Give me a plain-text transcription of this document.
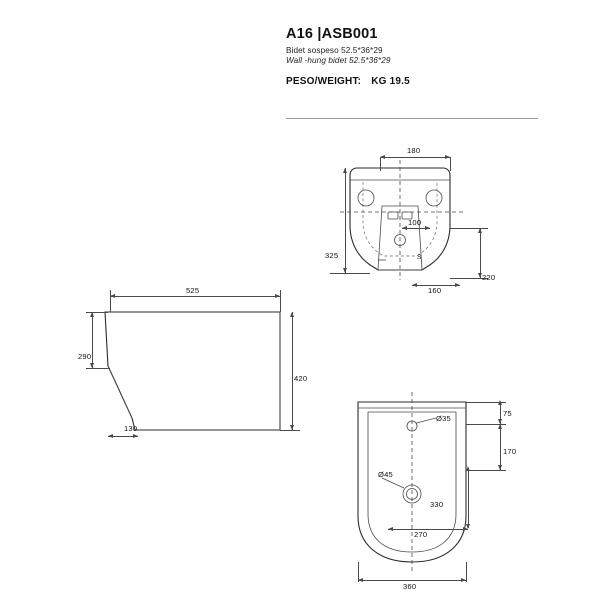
A16 |ASB001
Bidet sospeso 52.5*36*29
Wall -hung bidet 52.5*36*29
PESO/WEIGHT: KG 19.5
180
100
160
325
220
S
525
290
420
130
Ø35
Ø45
75
170
330
270
360
